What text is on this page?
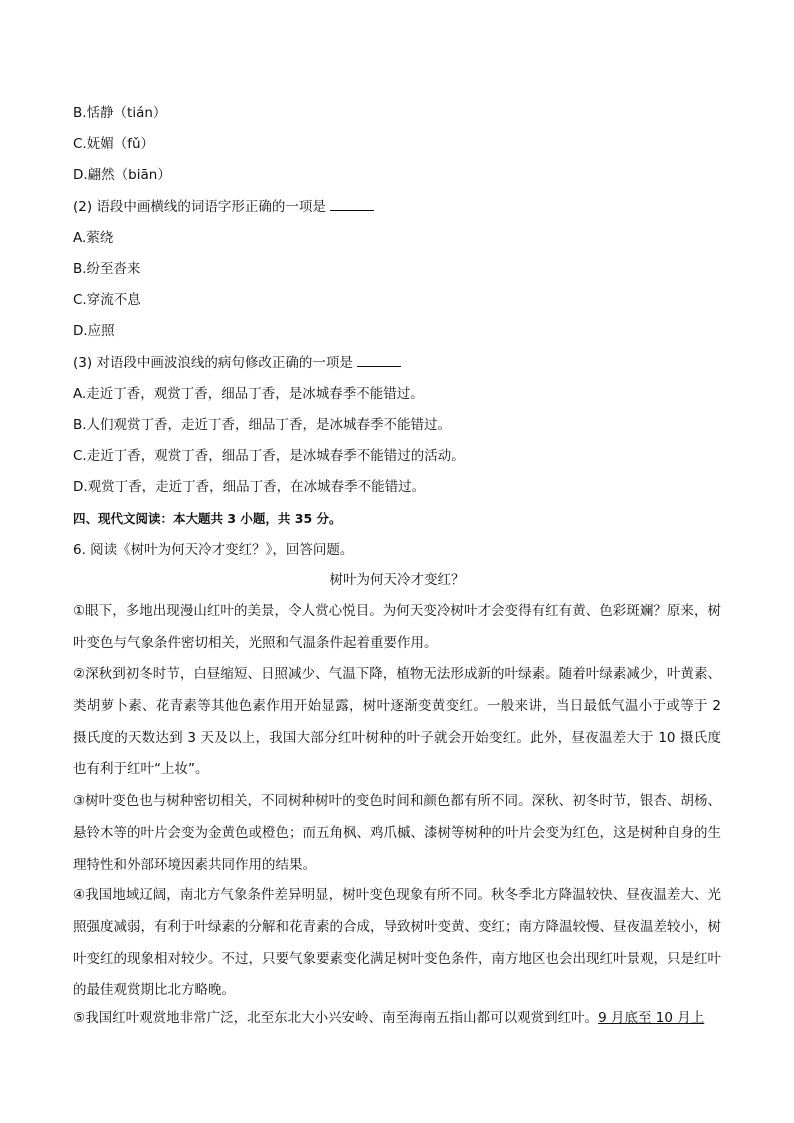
B.恬静（tián）
C.妩媚（fǔ）
D.翩然（biān）
(2) 语段中画横线的词语字形正确的一项是
A.萦绕
B.纷至沓来
C.穿流不息
D.应照
(3) 对语段中画波浪线的病句修改正确的一项是
A.走近丁香，观赏丁香，细品丁香，是冰城春季不能错过。
B.人们观赏丁香，走近丁香，细品丁香，是冰城春季不能错过。
C.走近丁香，观赏丁香，细品丁香，是冰城春季不能错过的活动。
D.观赏丁香，走近丁香，细品丁香，在冰城春季不能错过。
四、现代文阅读：本大题共 3 小题，共 35 分。
6. 阅读《树叶为何天冷才变红？》，回答问题。
树叶为何天冷才变红？
①眼下，多地出现漫山红叶的美景，令人赏心悦目。为何天变冷树叶才会变得有红有黄、色彩斑斓？原来，树叶变色与气象条件密切相关，光照和气温条件起着重要作用。
②深秋到初冬时节，白昼缩短、日照减少、气温下降，植物无法形成新的叶绿素。随着叶绿素减少，叶黄素、类胡萝卜素、花青素等其他色素作用开始显露，树叶逐渐变黄变红。一般来讲，当日最低气温小于或等于 2 摄氏度的天数达到 3 天及以上，我国大部分红叶树种的叶子就会开始变红。此外，昼夜温差大于 10 摄氏度也有利于红叶“上妆”。
③树叶变色也与树种密切相关，不同树种树叶的变色时间和颜色都有所不同。深秋、初冬时节，银杏、胡杨、悬铃木等的叶片会变为金黄色或橙色；而五角枫、鸡爪槭、漆树等树种的叶片会变为红色，这是树种自身的生理特性和外部环境因素共同作用的结果。
④我国地域辽阔，南北方气象条件差异明显，树叶变色现象有所不同。秋冬季北方降温较快、昼夜温差大、光照强度减弱，有利于叶绿素的分解和花青素的合成，导致树叶变黄、变红；南方降温较慢、昼夜温差较小，树叶变红的现象相对较少。不过，只要气象要素变化满足树叶变色条件，南方地区也会出现红叶景观，只是红叶的最佳观赏期比北方略晚。
⑤我国红叶观赏地非常广泛，北至东北大小兴安岭、南至海南五指山都可以观赏到红叶。9 月底至 10 月上
